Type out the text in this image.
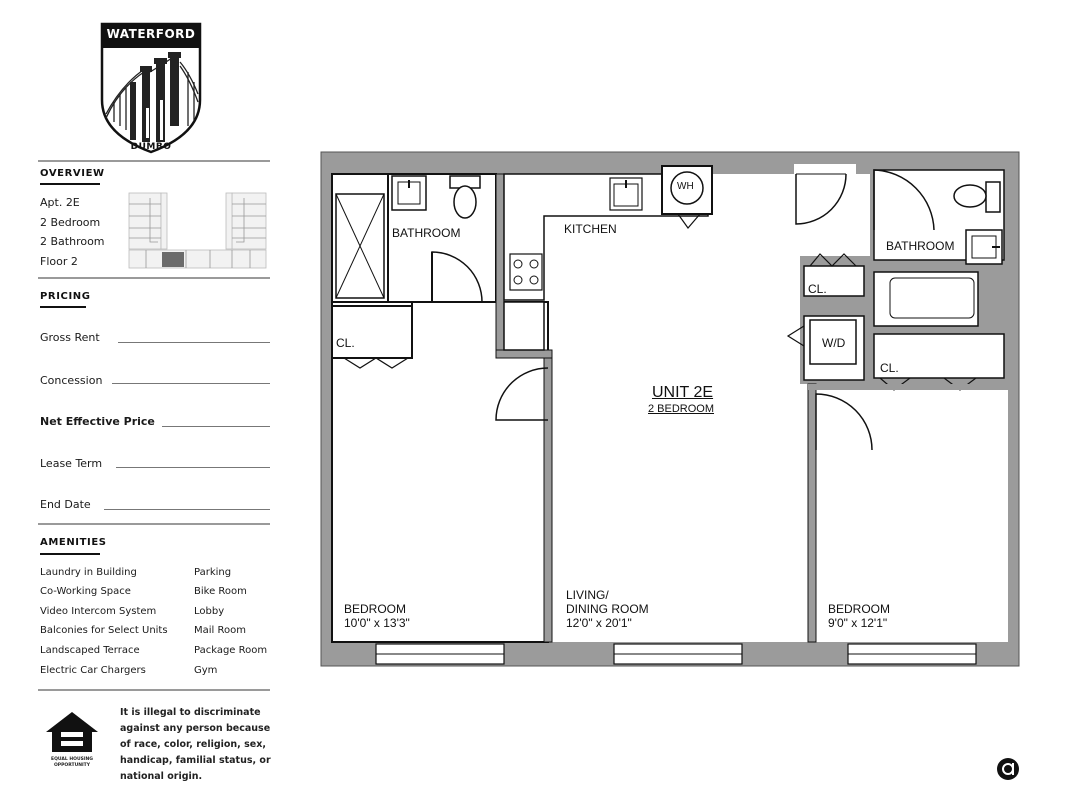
WATERFORD
DUMBO
OVERVIEW
Apt. 2E
2 Bedroom
2 Bathroom
Floor 2
PRICING
Gross Rent
Concession
Net Effective Price
Lease Term
End Date
AMENITIES
Laundry in Building
Co-Working Space
Video Intercom System
Balconies for Select Units
Landscaped Terrace
Electric Car Chargers
Parking
Bike Room
Lobby
Mail Room
Package Room
Gym
EQUAL HOUSING OPPORTUNITY
It is illegal to discriminate
against any person because
of race, color, religion, sex,
handicap, familial status, or
national origin.
BATHROOM	KITCHEN
WH
BATHROOM
CL.
CL.
W/D
CL.
UNIT 2E
2 BEDROOM
BEDROOM
10'0" x 13'3"
LIVING/
DINING ROOM
12'0" x 20'1"
BEDROOM
9'0" x 12'1"
